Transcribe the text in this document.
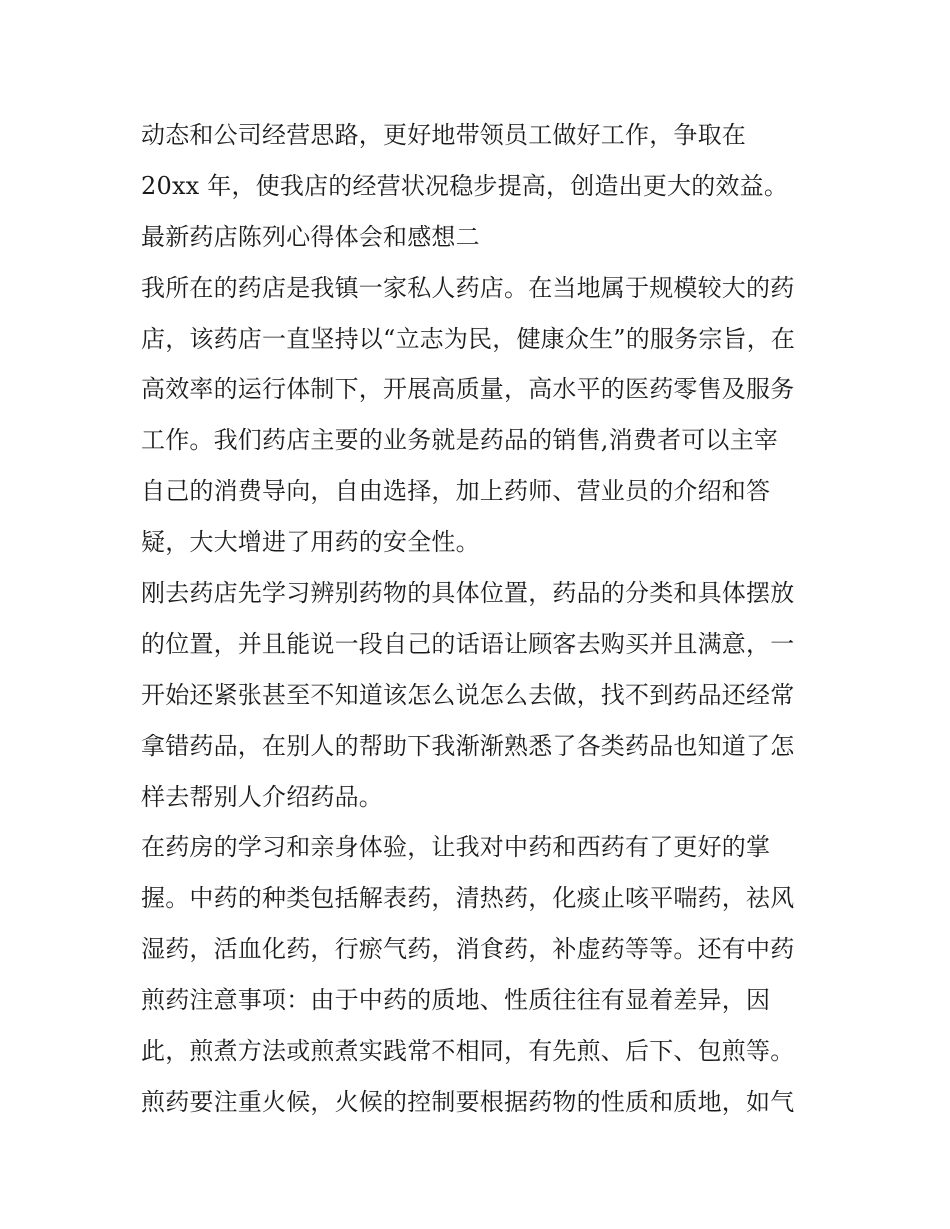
动态和公司经营思路，更好地带领员工做好工作，争取在
20xx 年，使我店的经营状况稳步提高，创造出更大的效益。
最新药店陈列心得体会和感想二
我所在的药店是我镇一家私人药店。在当地属于规模较大的药
店，该药店一直坚持以“立志为民，健康众生”的服务宗旨，在
高效率的运行体制下，开展高质量，高水平的医药零售及服务
工作。我们药店主要的业务就是药品的销售,消费者可以主宰
自己的消费导向，自由选择，加上药师、营业员的介绍和答
疑，大大增进了用药的安全性。
刚去药店先学习辨别药物的具体位置，药品的分类和具体摆放
的位置，并且能说一段自己的话语让顾客去购买并且满意，一
开始还紧张甚至不知道该怎么说怎么去做，找不到药品还经常
拿错药品，在别人的帮助下我渐渐熟悉了各类药品也知道了怎
样去帮别人介绍药品。
在药房的学习和亲身体验，让我对中药和西药有了更好的掌
握。中药的种类包括解表药，清热药，化痰止咳平喘药，祛风
湿药，活血化药，行瘀气药，消食药，补虚药等等。还有中药
煎药注意事项：由于中药的质地、性质往往有显着差异，因
此，煎煮方法或煎煮实践常不相同，有先煎、后下、包煎等。
煎药要注重火候，火候的控制要根据药物的性质和质地，如气
